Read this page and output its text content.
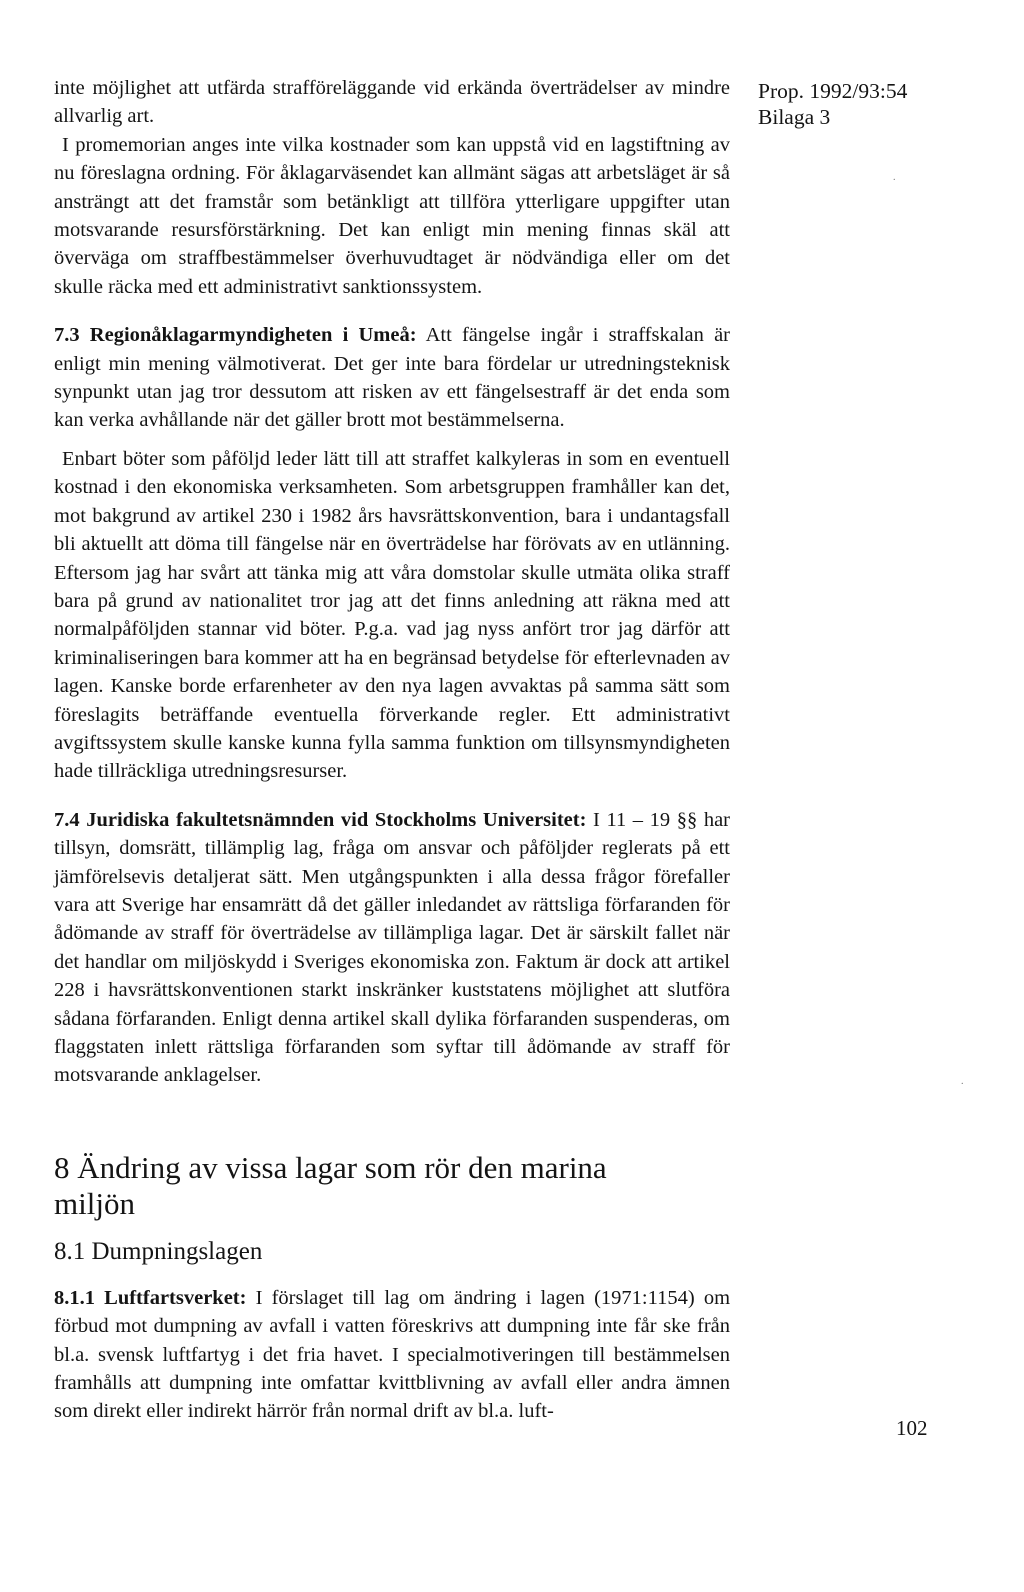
inte möjlighet att utfärda strafföreläggande vid erkända överträdelser av mindre allvarlig art.

I promemorian anges inte vilka kostnader som kan uppstå vid en lagstiftning av nu föreslagna ordning. För åklagarväsendet kan allmänt sägas att arbetsläget är så ansträngt att det framstår som betänkligt att tillföra ytterligare uppgifter utan motsvarande resursförstärkning. Det kan enligt min mening finnas skäl att överväga om straffbestämmelser överhuvudtaget är nödvändiga eller om det skulle räcka med ett administrativt sanktionssystem.

7.3 Regionåklagarmyndigheten i Umeå: Att fängelse ingår i straffskalan är enligt min mening välmotiverat. Det ger inte bara fördelar ur utredningsteknisk synpunkt utan jag tror dessutom att risken av ett fängelsestraff är det enda som kan verka avhållande när det gäller brott mot bestämmelserna.

Enbart böter som påföljd leder lätt till att straffet kalkyleras in som en eventuell kostnad i den ekonomiska verksamheten. Som arbetsgruppen framhåller kan det, mot bakgrund av artikel 230 i 1982 års havsrättskonvention, bara i undantagsfall bli aktuellt att döma till fängelse när en överträdelse har förövats av en utlänning. Eftersom jag har svårt att tänka mig att våra domstolar skulle utmäta olika straff bara på grund av nationalitet tror jag att det finns anledning att räkna med att normalpåföljden stannar vid böter. P.g.a. vad jag nyss anfört tror jag därför att kriminaliseringen bara kommer att ha en begränsad betydelse för efterlevnaden av lagen. Kanske borde erfarenheter av den nya lagen avvaktas på samma sätt som föreslagits beträffande eventuella förverkande regler. Ett administrativt avgiftssystem skulle kanske kunna fylla samma funktion om tillsynsmyndigheten hade tillräckliga utredningsresurser.

7.4 Juridiska fakultetsnämnden vid Stockholms Universitet: I 11 – 19 §§ har tillsyn, domsrätt, tillämplig lag, fråga om ansvar och påföljder reglerats på ett jämförelsevis detaljerat sätt. Men utgångspunkten i alla dessa frågor förefaller vara att Sverige har ensamrätt då det gäller inledandet av rättsliga förfaranden för ådömande av straff för överträdelse av tillämpliga lagar. Det är särskilt fallet när det handlar om miljöskydd i Sveriges ekonomiska zon. Faktum är dock att artikel 228 i havsrättskonventionen starkt inskränker kuststatens möjlighet att slutföra sådana förfaranden. Enligt denna artikel skall dylika förfaranden suspenderas, om flaggstaten inlett rättsliga förfaranden som syftar till ådömande av straff för motsvarande anklagelser.

8 Ändring av vissa lagar som rör den marina miljön
8.1 Dumpningslagen

8.1.1 Luftfartsverket: I förslaget till lag om ändring i lagen (1971:1154) om förbud mot dumpning av avfall i vatten föreskrivs att dumpning inte får ske från bl.a. svensk luftfartyg i det fria havet. I specialmotiveringen till bestämmelsen framhålls att dumpning inte omfattar kvittblivning av avfall eller andra ämnen som direkt eller indirekt härrör från normal drift av bl.a. luft-

Prop. 1992/93:54
Bilaga 3
102
.
.
